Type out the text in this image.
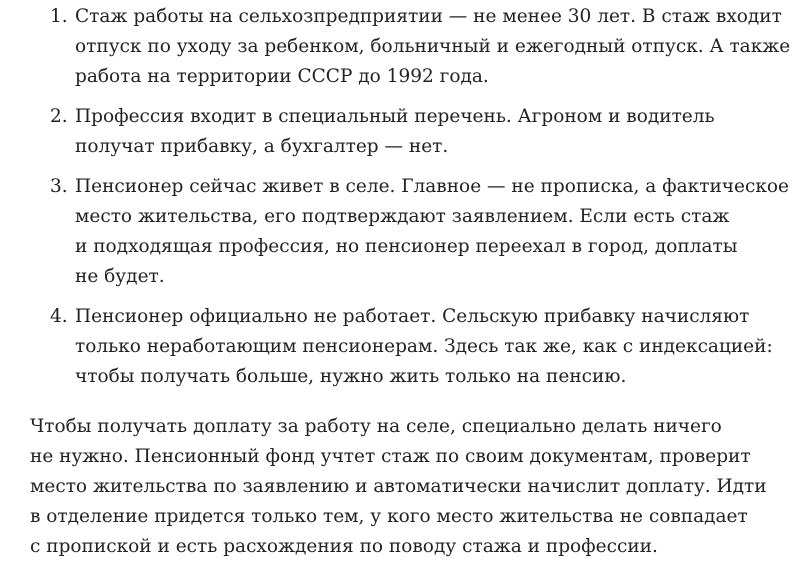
1. Стаж работы на сельхозпредприятии — не менее 30 лет. В стаж входит
отпуск по уходу за ребенком, больничный и ежегодный отпуск. А также
работа на территории СССР до 1992 года.
2. Профессия входит в специальный перечень. Агроном и водитель
получат прибавку, а бухгалтер — нет.
3. Пенсионер сейчас живет в селе. Главное — не прописка, а фактическое
место жительства, его подтверждают заявлением. Если есть стаж
и подходящая профессия, но пенсионер переехал в город, доплаты
не будет.
4. Пенсионер официально не работает. Сельскую прибавку начисляют
только неработающим пенсионерам. Здесь так же, как с индексацией:
чтобы получать больше, нужно жить только на пенсию.
Чтобы получать доплату за работу на селе, специально делать ничего
не нужно. Пенсионный фонд учтет стаж по своим документам, проверит
место жительства по заявлению и автоматически начислит доплату. Идти
в отделение придется только тем, у кого место жительства не совпадает
с пропиской и есть расхождения по поводу стажа и профессии.
